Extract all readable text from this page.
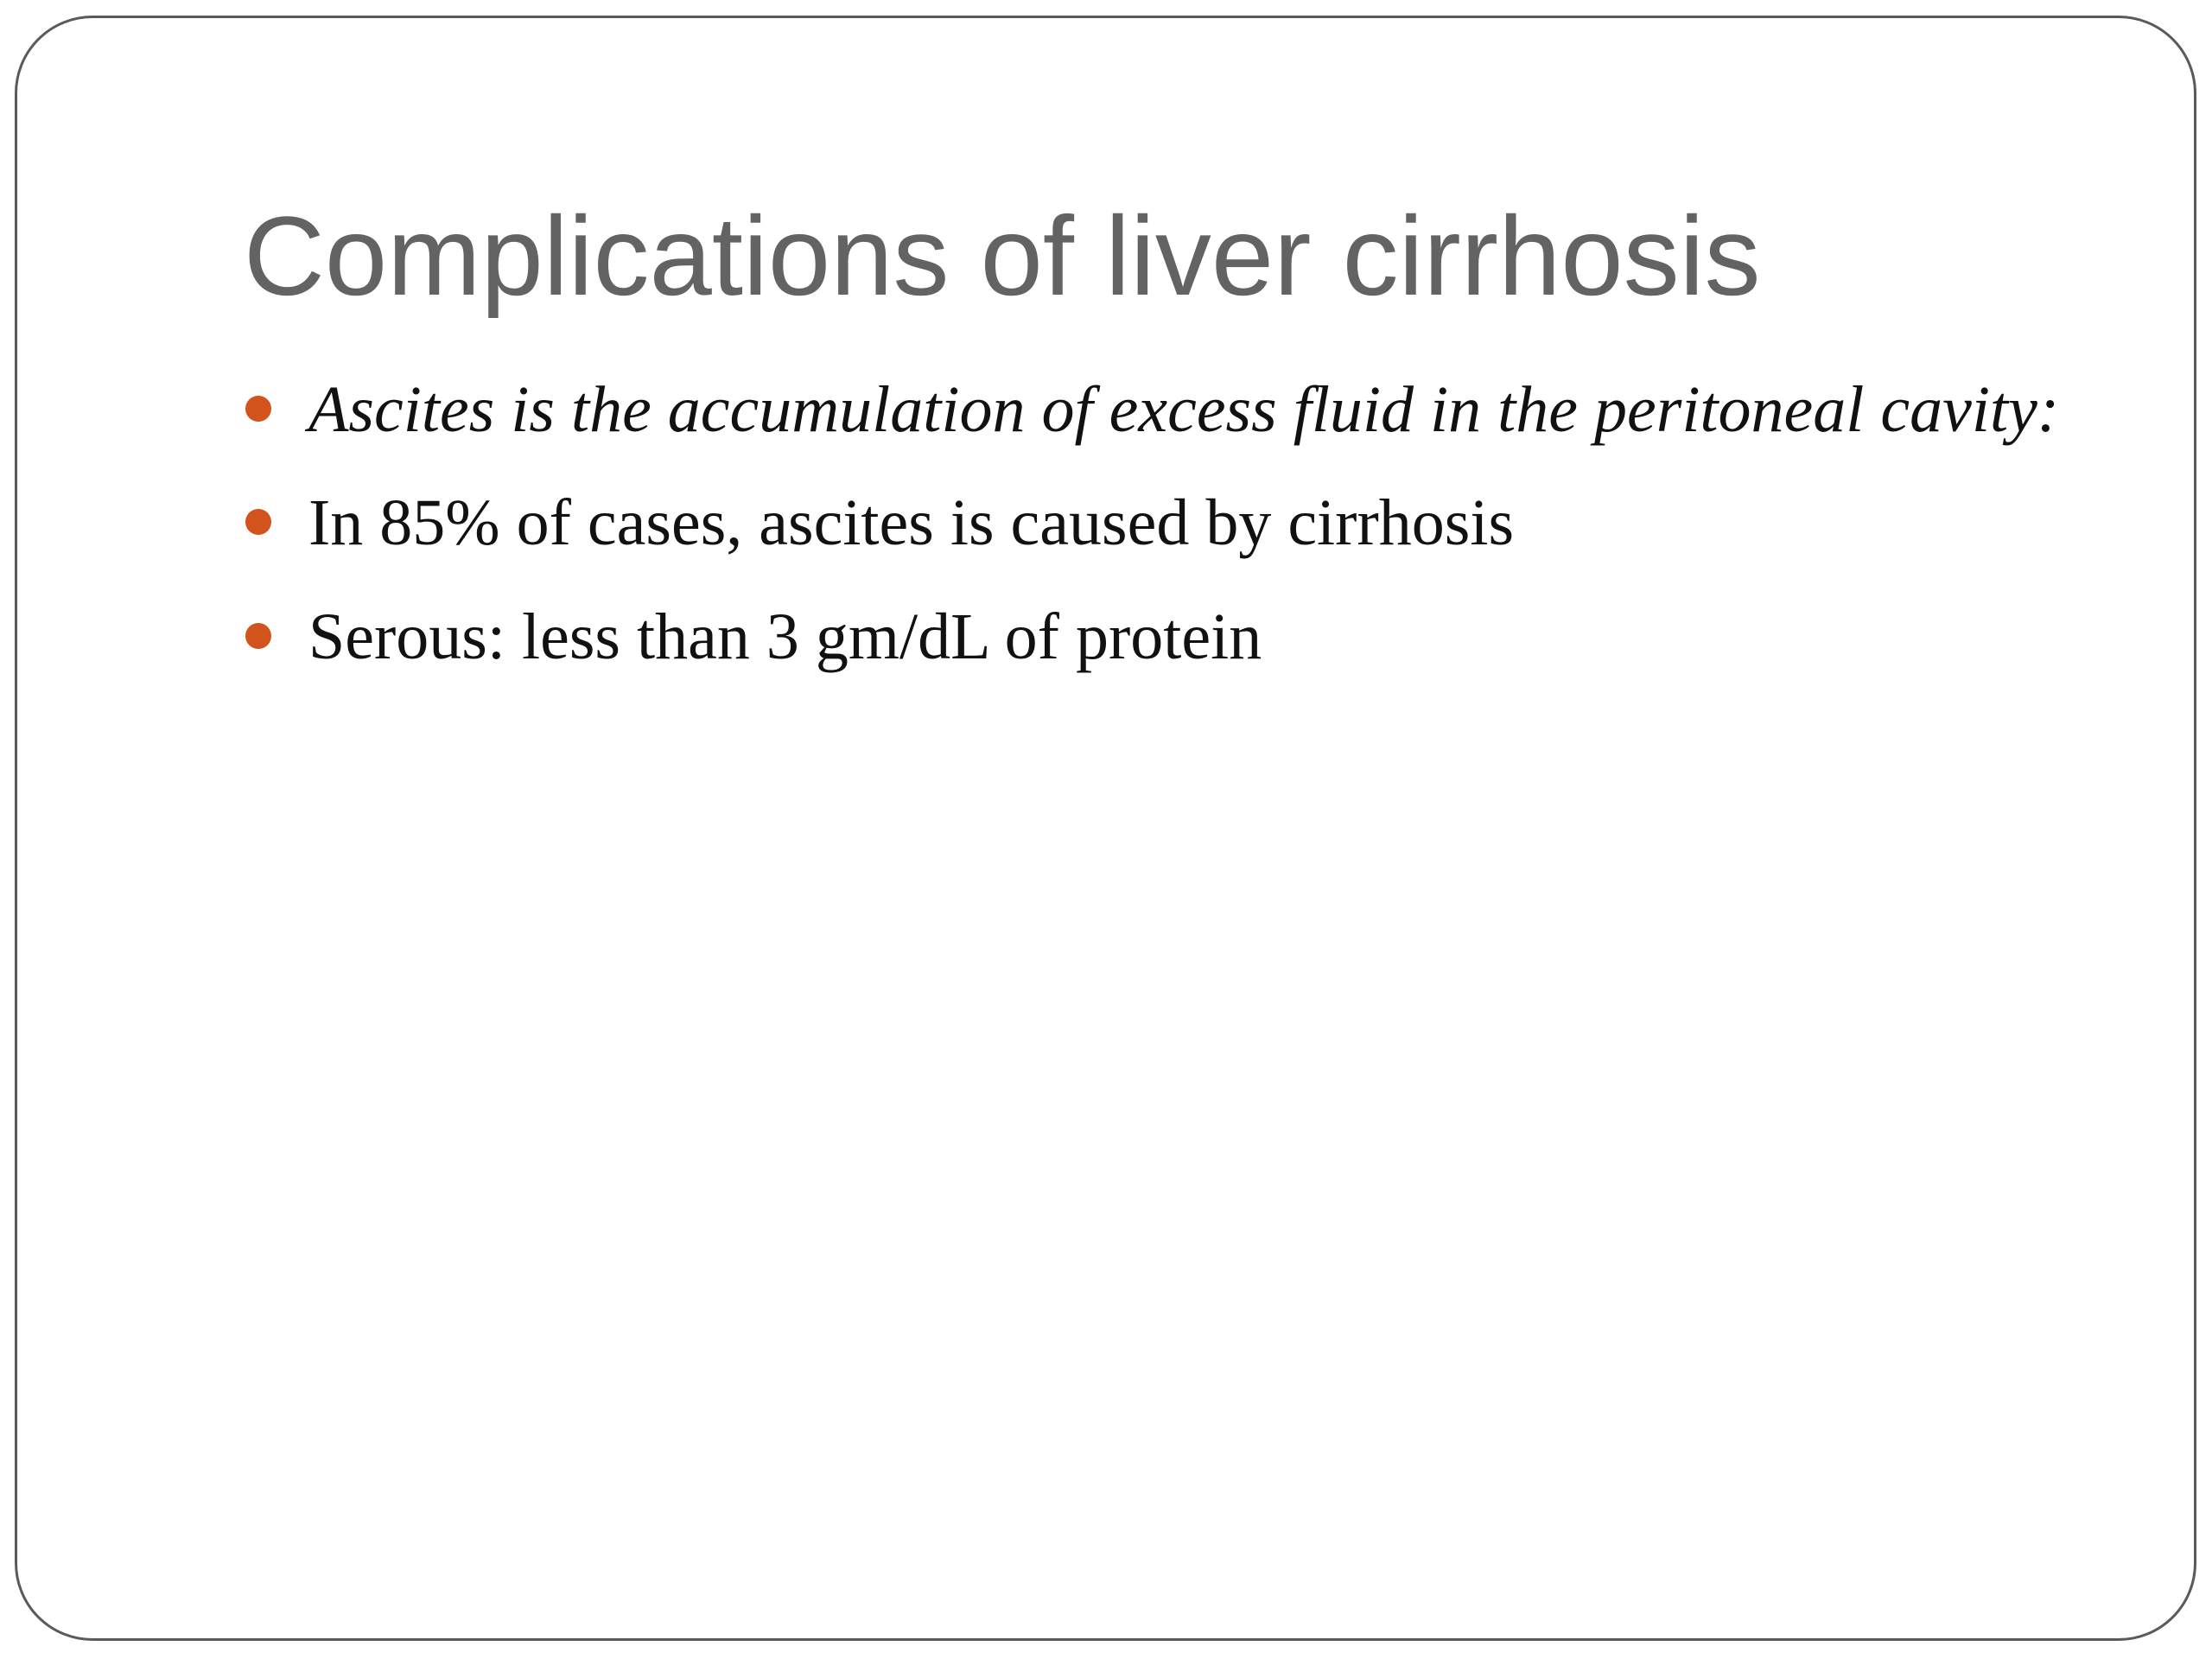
Complications of liver cirrhosis
Ascites is the accumulation of excess fluid in the peritoneal cavity:
In 85% of cases, ascites is caused by cirrhosis
Serous: less than 3 gm/dL of protein
